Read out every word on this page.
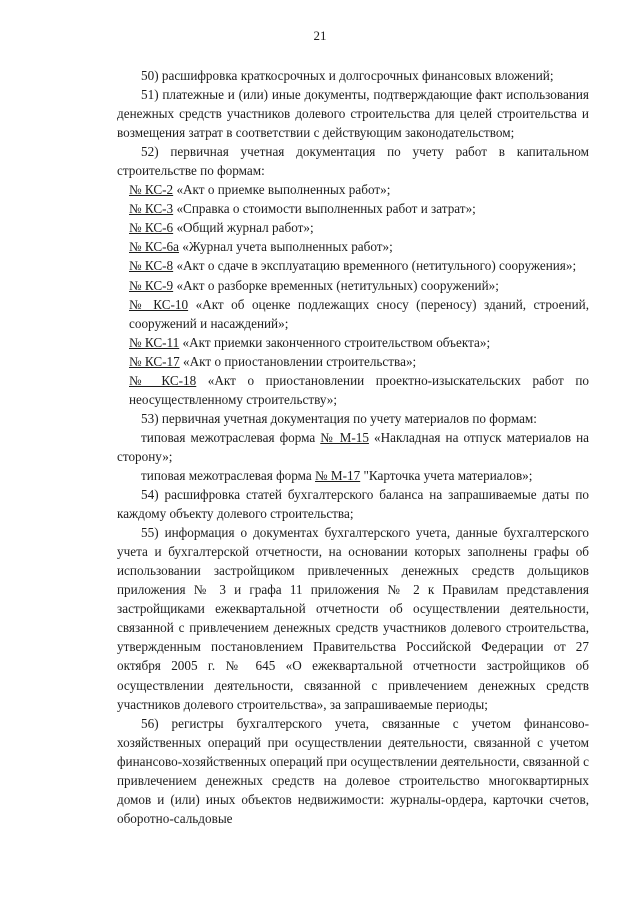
21

50) расшифровка краткосрочных и долгосрочных финансовых вложений;

51) платежные и (или) иные документы, подтверждающие факт использования денежных средств участников долевого строительства для целей строительства и возмещения затрат в соответствии с действующим законодательством;

52) первичная учетная документация по учету работ в капитальном строительстве по формам:

№ КС-2 «Акт о приемке выполненных работ»;

№ КС-3 «Справка о стоимости выполненных работ и затрат»;

№ КС-6 «Общий журнал работ»;

№ КС-6а «Журнал учета выполненных работ»;

№ КС-8 «Акт о сдаче в эксплуатацию временного (нетитульного) сооружения»;

№ КС-9 «Акт о разборке временных (нетитульных) сооружений»;

№ КС-10 «Акт об оценке подлежащих сносу (переносу) зданий, строений, сооружений и насаждений»;

№ КС-11 «Акт приемки законченного строительством объекта»;

№ КС-17 «Акт о приостановлении строительства»;

№ КС-18 «Акт о приостановлении проектно-изыскательских работ по неосуществленному строительству»;

53) первичная учетная документация по учету материалов по формам:

типовая межотраслевая форма № М-15 «Накладная на отпуск материалов на сторону»;

типовая межотраслевая форма № М-17 "Карточка учета материалов»;

54) расшифровка статей бухгалтерского баланса на запрашиваемые даты по каждому объекту долевого строительства;

55) информация о документах бухгалтерского учета, данные бухгалтерского учета и бухгалтерской отчетности, на основании которых заполнены графы об использовании застройщиком привлеченных денежных средств дольщиков приложения № 3 и графа 11 приложения № 2 к Правилам представления застройщиками ежеквартальной отчетности об осуществлении деятельности, связанной с привлечением денежных средств участников долевого строительства, утвержденным постановлением Правительства Российской Федерации от 27 октября 2005 г. № 645 «О ежеквартальной отчетности застройщиков об осуществлении деятельности, связанной с привлечением денежных средств участников долевого строительства», за запрашиваемые периоды;

56) регистры бухгалтерского учета, связанные с учетом финансово-хозяйственных операций при осуществлении деятельности, связанной с учетом финансово-хозяйственных операций при осуществлении деятельности, связанной с привлечением денежных средств на долевое строительство многоквартирных домов и (или) иных объектов недвижимости: журналы-ордера, карточки счетов, оборотно-сальдовые
